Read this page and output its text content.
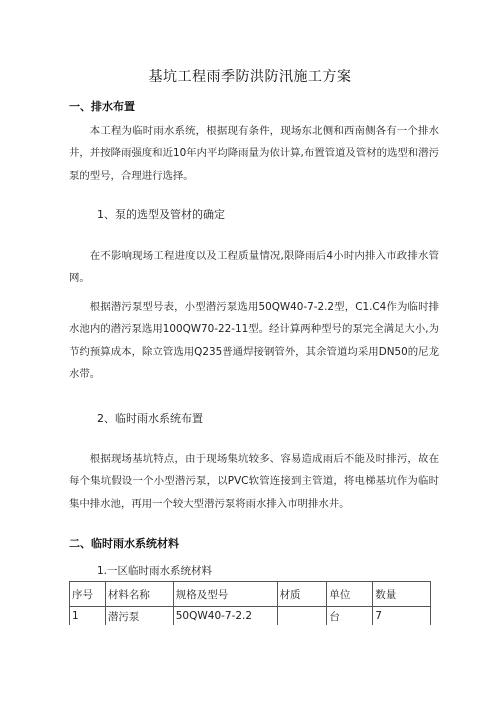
基坑工程雨季防洪防汛施工方案
一、排水布置
本工程为临时雨水系统，根据现有条件，现场东北侧和西南侧各有一个排水井，并按降雨强度和近10年内平均降雨量为依计算,布置管道及管材的选型和潜污泵的型号，合理进行选择。
1、泵的选型及管材的确定
在不影响现场工程进度以及工程质量情况,限降雨后4小时内排入市政排水管网。
根据潜污泵型号表，小型潜污泵选用50QW40-7-2.2型，C1.C4作为临时排水池内的潜污泵选用100QW70-22-11型。经计算两种型号的泵完全满足大小,为节约预算成本，除立管选用Q235普通焊接钢管外，其余管道均采用DN50的尼龙水带。
2、临时雨水系统布置
根据现场基坑特点，由于现场集坑较多、容易造成雨后不能及时排污，故在每个集坑假设一个小型潜污泵，以PVC软管连接到主管道，将电梯基坑作为临时集中排水池，再用一个较大型潜污泵将雨水排入市明排水井。
二、临时雨水系统材料
1.一区临时雨水系统材料
序号	材料名称	规格及型号	材质	单位	数量
1	潜污泵	50QW40-7-2.2		台	7
